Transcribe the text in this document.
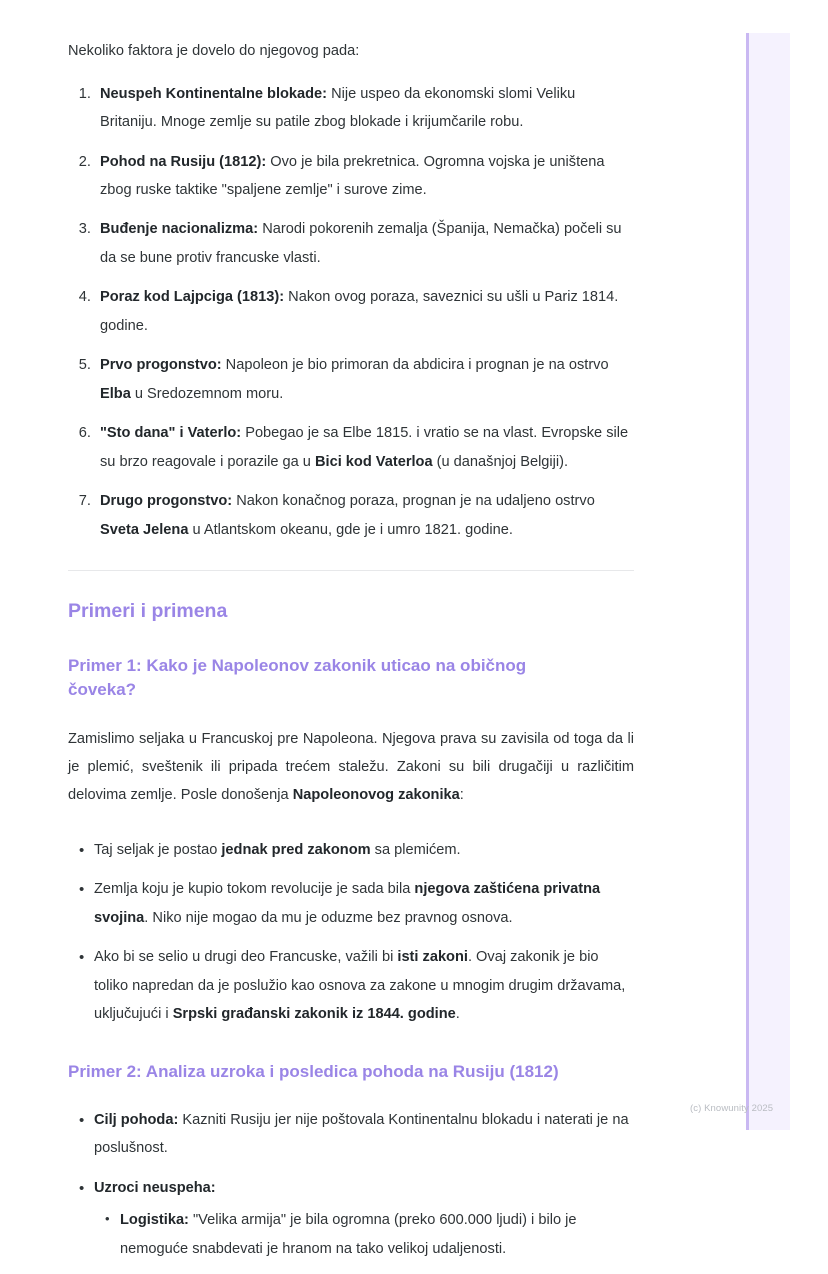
Nekoliko faktora je dovelo do njegovog pada:

1. Neuspeh Kontinentalne blokade: Nije uspeo da ekonomski slomi Veliku Britaniju. Mnoge zemlje su patile zbog blokade i krijumčarile robu.
2. Pohod na Rusiju (1812): Ovo je bila prekretnica. Ogromna vojska je uništena zbog ruske taktike "spaljene zemlje" i surove zime.
3. Buđenje nacionalizma: Narodi pokorenih zemalja (Španija, Nemačka) počeli su da se bune protiv francuske vlasti.
4. Poraz kod Lajpciga (1813): Nakon ovog poraza, saveznici su ušli u Pariz 1814. godine.
5. Prvo progonstvo: Napoleon je bio primoran da abdicira i prognan je na ostrvo Elba u Sredozemnom moru.
6. "Sto dana" i Vaterlo: Pobegao je sa Elbe 1815. i vratio se na vlast. Evropske sile su brzo reagovale i porazile ga u Bici kod Vaterloa (u današnjoj Belgiji).
7. Drugo progonstvo: Nakon konačnog poraza, prognan je na udaljeno ostrvo Sveta Jelena u Atlantskom okeanu, gde je i umro 1821. godine.
Primeri i primena
Primer 1: Kako je Napoleonov zakonik uticao na običnog čoveka?

Zamislimo seljaka u Francuskoj pre Napoleona. Njegova prava su zavisila od toga da li je plemić, sveštenik ili pripada trećem staležu. Zakoni su bili drugačiji u različitim delovima zemlje. Posle donošenja Napoleonovog zakonika:

• Taj seljak je postao jednak pred zakonom sa plemićem.
• Zemlja koju je kupio tokom revolucije je sada bila njegova zaštićena privatna svojina. Niko nije mogao da mu je oduzme bez pravnog osnova.
• Ako bi se selio u drugi deo Francuske, važili bi isti zakoni. Ovaj zakonik je bio toliko napredan da je poslužio kao osnova za zakone u mnogim drugim državama, uključujući i Srpski građanski zakonik iz 1844. godine.
Primer 2: Analiza uzroka i posledica pohoda na Rusiju (1812)
• Cilj pohoda: Kazniti Rusiju jer nije poštovala Kontinentalnu blokadu i naterati je na poslušnost.
• Uzroci neuspeha:
• Logistika: "Velika armija" je bila ogromna (preko 600.000 ljudi) i bilo je nemoguće snabdevati je hranom na tako velikoj udaljenosti.
(c) Knowunity 2025
